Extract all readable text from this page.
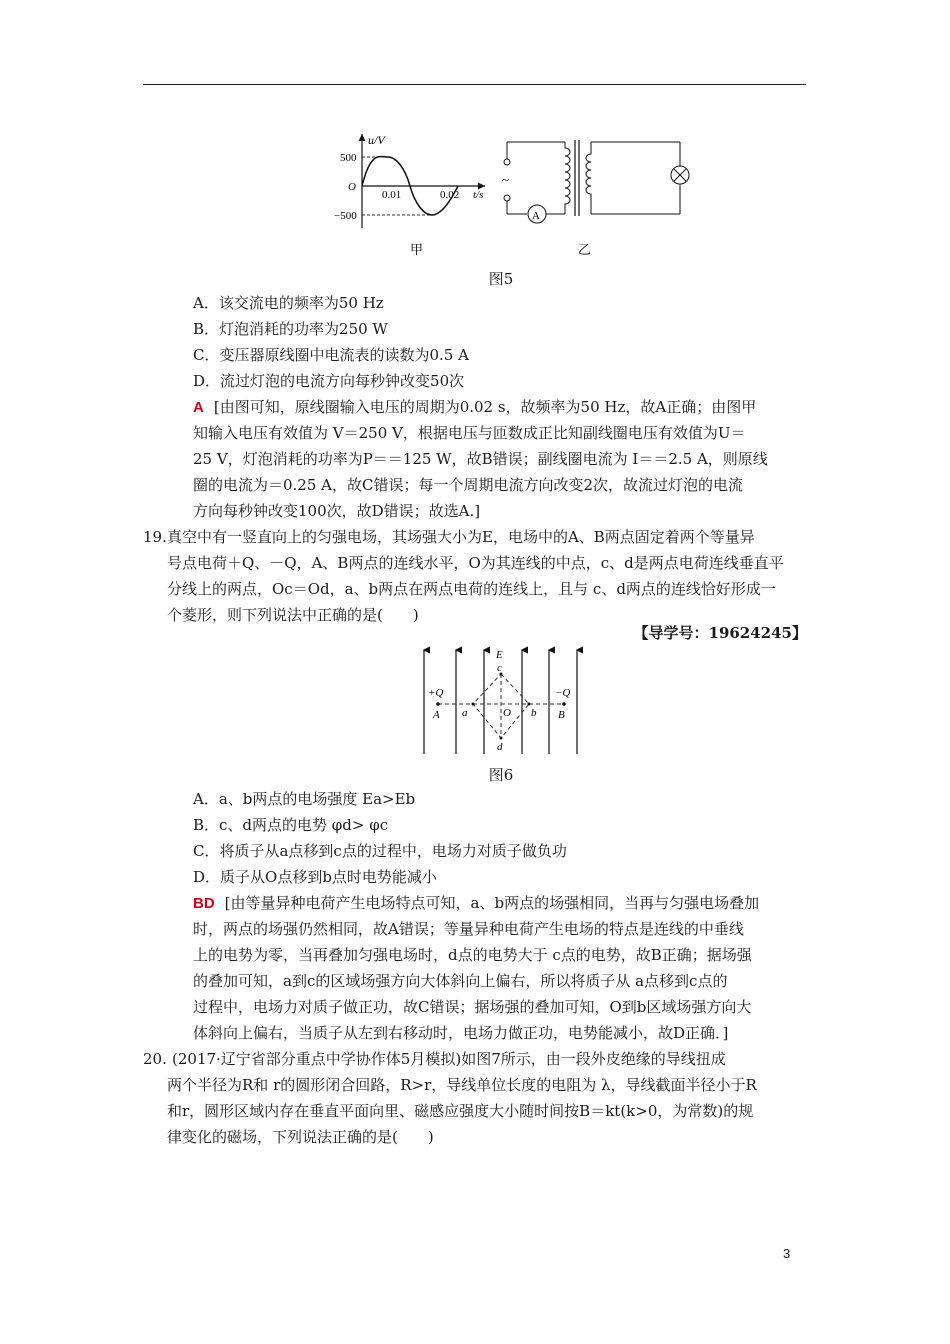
u/V
500
O
−500
0.01	0.02 t/s
甲
~
A
乙
图5
A．该交流电的频率为50 Hz
B．灯泡消耗的功率为250 W
C．变压器原线圈中电流表的读数为0.5 A
D．流过灯泡的电流方向每秒钟改变50次
A [由图可知，原线圈输入电压的周期为0.02 s，故频率为50 Hz，故A正确；由图甲
知输入电压有效值为 V＝250 V，根据电压与匝数成正比知副线圈电压有效值为U＝
25 V，灯泡消耗的功率为P＝＝125 W，故B错误；副线圈电流为 I＝＝2.5 A，则原线
圈的电流为＝0.25 A，故C错误；每一个周期电流方向改变2次，故流过灯泡的电流
方向每秒钟改变100次，故D错误；故选A.]
19. 真空中有一竖直向上的匀强电场，其场强大小为E，电场中的A、B两点固定着两个等量异
号点电荷＋Q、－Q，A、B两点的连线水平，O为其连线的中点，c、d是两点电荷连线垂直平
分线上的两点，Oc＝Od，a、b两点在两点电荷的连线上，且与 c、d两点的连线恰好形成一
个菱形，则下列说法中正确的是(　　)
【导学号：19624245】
E
c
d
O
a	b
+Q	−Q
A	B
图6
A．a、b两点的电场强度 Ea>Eb
B．c、d两点的电势 φd> φc
C．将质子从a点移到c点的过程中，电场力对质子做负功
D．质子从O点移到b点时电势能减小
BD [由等量异种电荷产生电场特点可知，a、b两点的场强相同，当再与匀强电场叠加
时，两点的场强仍然相同，故A错误；等量异种电荷产生电场的特点是连线的中垂线
上的电势为零，当再叠加匀强电场时，d点的电势大于 c点的电势，故B正确；据场强
的叠加可知，a到c的区域场强方向大体斜向上偏右，所以将质子从 a点移到c点的
过程中，电场力对质子做正功，故C错误；据场强的叠加可知，O到b区域场强方向大
体斜向上偏右，当质子从左到右移动时，电场力做正功，电势能减小，故D正确．]
20. (2017·辽宁省部分重点中学协作体5月模拟)如图7所示，由一段外皮绝缘的导线扭成
两个半径为R和 r的圆形闭合回路，R>r，导线单位长度的电阻为 λ，导线截面半径小于R
和r，圆形区域内存在垂直平面向里、磁感应强度大小随时间按B＝kt(k>0，为常数)的规
律变化的磁场，下列说法正确的是(　　)
3
